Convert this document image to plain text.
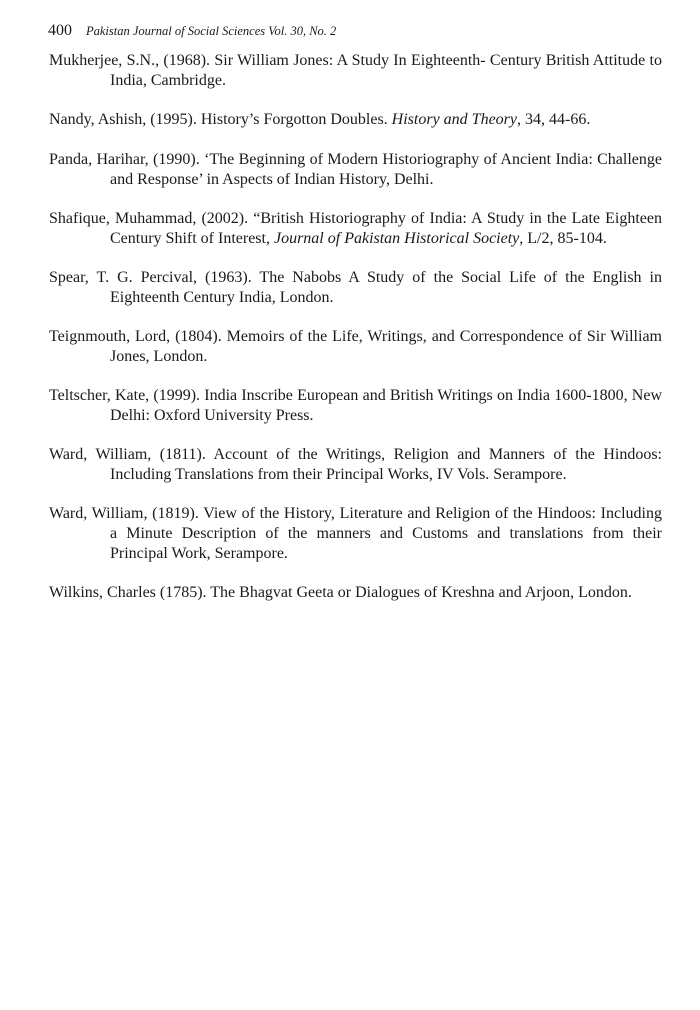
400 Pakistan Journal of Social Sciences Vol. 30, No. 2

Mukherjee, S.N., (1968). Sir William Jones: A Study In Eighteenth- Century British Attitude to India, Cambridge.

Nandy, Ashish, (1995). History’s Forgotton Doubles. History and Theory, 34, 44-66.

Panda, Harihar, (1990). ‘The Beginning of Modern Historiography of Ancient India: Challenge and Response’ in Aspects of Indian History, Delhi.

Shafique, Muhammad, (2002). “British Historiography of India: A Study in the Late Eighteen Century Shift of Interest, Journal of Pakistan Historical Society, L/2, 85-104.

Spear, T. G. Percival, (1963). The Nabobs A Study of the Social Life of the English in Eighteenth Century India, London.

Teignmouth, Lord, (1804). Memoirs of the Life, Writings, and Correspondence of Sir William Jones, London.

Teltscher, Kate, (1999). India Inscribe European and British Writings on India 1600-1800, New Delhi: Oxford University Press.

Ward, William, (1811). Account of the Writings, Religion and Manners of the Hindoos: Including Translations from their Principal Works, IV Vols. Serampore.

Ward, William, (1819). View of the History, Literature and Religion of the Hindoos: Including a Minute Description of the manners and Customs and translations from their Principal Work, Serampore.

Wilkins, Charles (1785). The Bhagvat Geeta or Dialogues of Kreshna and Arjoon, London.
